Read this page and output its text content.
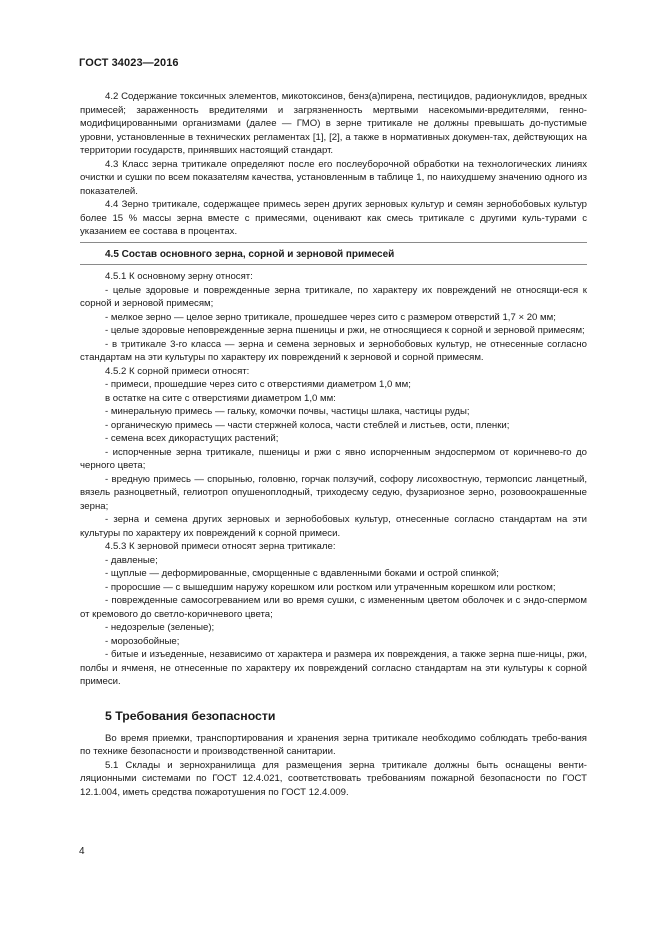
ГОСТ 34023—2016

4.2 Содержание токсичных элементов, микотоксинов, бенз(а)пирена, пестицидов, радионуклидов, вредных примесей; зараженность вредителями и загрязненность мертвыми насекомыми-вредителями, генно-модифицированными организмами (далее — ГМО) в зерне тритикале не должны превышать до-пустимые уровни, установленные в технических регламентах [1], [2], а также в нормативных докумен-тах, действующих на территории государств, принявших настоящий стандарт.

4.3 Класс зерна тритикале определяют после его послеуборочной обработки на технологических линиях очистки и сушки по всем показателям качества, установленным в таблице 1, по наихудшему значению одного из показателей.

4.4 Зерно тритикале, содержащее примесь зерен других зерновых культур и семян зернобобовых культур более 15 % массы зерна вместе с примесями, оценивают как смесь тритикале с другими куль-турами с указанием ее состава в процентах.

4.5 Состав основного зерна, сорной и зерновой примесей

4.5.1 К основному зерну относят:

- целые здоровые и поврежденные зерна тритикале, по характеру их повреждений не относящи-еся к сорной и зерновой примесям;

- мелкое зерно — целое зерно тритикале, прошедшее через сито с размером отверстий 1,7 × 20 мм;

- целые здоровые неповрежденные зерна пшеницы и ржи, не относящиеся к сорной и зерновой примесям;

- в тритикале 3-го класса — зерна и семена зерновых и зернобобовых культур, не отнесенные согласно стандартам на эти культуры по характеру их повреждений к зерновой и сорной примесям.

4.5.2 К сорной примеси относят:

- примеси, прошедшие через сито с отверстиями диаметром 1,0 мм;

в остатке на сите с отверстиями диаметром 1,0 мм:

- минеральную примесь — гальку, комочки почвы, частицы шлака, частицы руды;

- органическую примесь — части стержней колоса, части стеблей и листьев, ости, пленки;

- семена всех дикорастущих растений;

- испорченные зерна тритикале, пшеницы и ржи с явно испорченным эндоспермом от коричнево-го до черного цвета;

- вредную примесь — спорынью, головню, горчак ползучий, софору лисохвостную, термопсис ланцетный, вязель разноцветный, гелиотроп опушеноплодный, триходесму седую, фузариозное зерно, розовоокрашенные зерна;

- зерна и семена других зерновых и зернобобовых культур, отнесенные согласно стандартам на эти культуры по характеру их повреждений к сорной примеси.

4.5.3 К зерновой примеси относят зерна тритикале:

- давленые;

- щуплые — деформированные, сморщенные с вдавленными боками и острой спинкой;

- проросшие — с вышедшим наружу корешком или ростком или утраченным корешком или ростком;

- поврежденные самосогреванием или во время сушки, с измененным цветом оболочек и с эндо-спермом от кремового до светло-коричневого цвета;

- недозрелые (зеленые);

- морозобойные;

- битые и изъеденные, независимо от характера и размера их повреждения, а также зерна пше-ницы, ржи, полбы и ячменя, не отнесенные по характеру их повреждений согласно стандартам на эти культуры к сорной примеси.

5 Требования безопасности

Во время приемки, транспортирования и хранения зерна тритикале необходимо соблюдать требо-вания по технике безопасности и производственной санитарии.

5.1 Склады и зернохранилища для размещения зерна тритикале должны быть оснащены венти-ляционными системами по ГОСТ 12.4.021, соответствовать требованиям пожарной безопасности по ГОСТ 12.1.004, иметь средства пожаротушения по ГОСТ 12.4.009.

4
